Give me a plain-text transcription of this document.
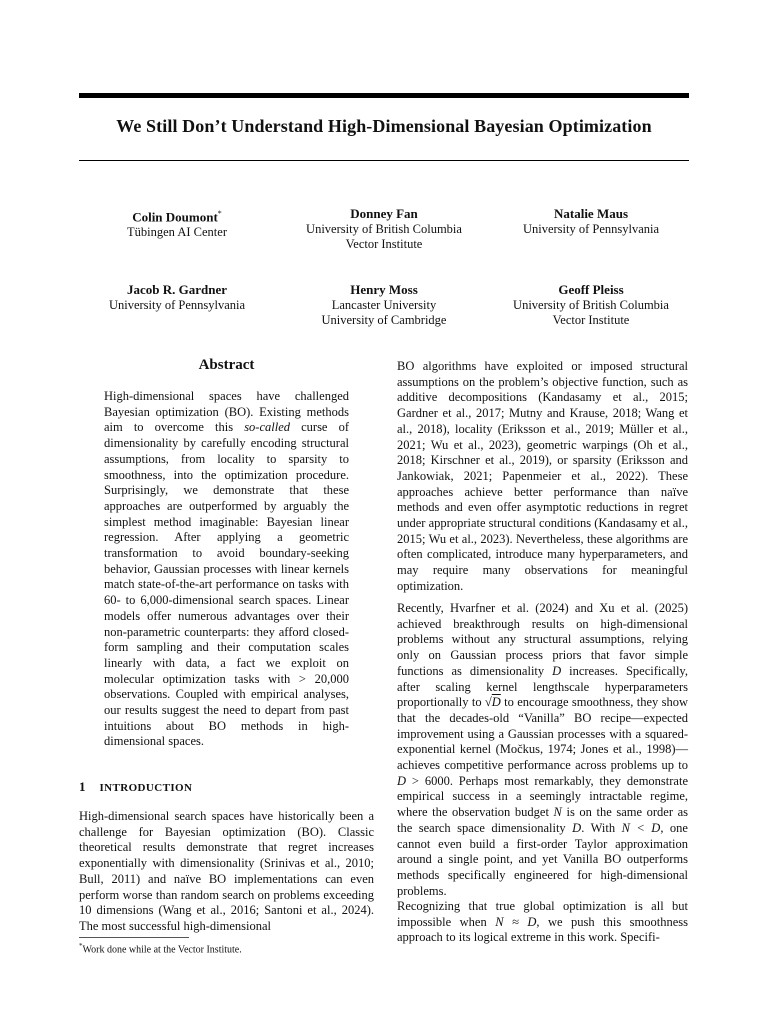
We Still Don’t Understand High-Dimensional Bayesian Optimization
Colin Doumont*
Tübingen AI Center
Donney Fan
University of British Columbia
Vector Institute
Natalie Maus
University of Pennsylvania
Jacob R. Gardner
University of Pennsylvania
Henry Moss
Lancaster University
University of Cambridge
Geoff Pleiss
University of British Columbia
Vector Institute
Abstract

High-dimensional spaces have challenged Bayesian optimization (BO). Existing methods aim to overcome this so-called curse of dimensionality by carefully encoding structural assumptions, from locality to sparsity to smoothness, into the optimization procedure. Surprisingly, we demonstrate that these approaches are outperformed by arguably the simplest method imaginable: Bayesian linear regression. After applying a geometric transformation to avoid boundary-seeking behavior, Gaussian processes with linear kernels match state-of-the-art performance on tasks with 60- to 6,000-dimensional search spaces. Linear models offer numerous advantages over their non-parametric counterparts: they afford closed-form sampling and their computation scales linearly with data, a fact we exploit on molecular optimization tasks with > 20,000 observations. Coupled with empirical analyses, our results suggest the need to depart from past intuitions about BO methods in high-dimensional spaces.

1 INTRODUCTION

High-dimensional search spaces have historically been a challenge for Bayesian optimization (BO). Classic theoretical results demonstrate that regret increases exponentially with dimensionality (Srinivas et al., 2010; Bull, 2011) and naïve BO implementations can even perform worse than random search on problems exceeding 10 dimensions (Wang et al., 2016; Santoni et al., 2024). The most successful high-dimensional

*Work done while at the Vector Institute.

BO algorithms have exploited or imposed structural assumptions on the problem’s objective function, such as additive decompositions (Kandasamy et al., 2015; Gardner et al., 2017; Mutny and Krause, 2018; Wang et al., 2018), locality (Eriksson et al., 2019; Müller et al., 2021; Wu et al., 2023), geometric warpings (Oh et al., 2018; Kirschner et al., 2019), or sparsity (Eriksson and Jankowiak, 2021; Papenmeier et al., 2022). These approaches achieve better performance than naïve methods and even offer asymptotic reductions in regret under appropriate structural conditions (Kandasamy et al., 2015; Wu et al., 2023). Nevertheless, these algorithms are often complicated, introduce many hyperparameters, and may require many observations for meaningful optimization.

Recently, Hvarfner et al. (2024) and Xu et al. (2025) achieved breakthrough results on high-dimensional problems without any structural assumptions, relying only on Gaussian process priors that favor simple functions as dimensionality D increases. Specifically, after scaling kernel lengthscale hyperparameters proportionally to √D to encourage smoothness, they show that the decades-old “Vanilla” BO recipe—expected improvement using a Gaussian processes with a squared-exponential kernel (Močkus, 1974; Jones et al., 1998)—achieves competitive performance across problems up to D > 6000. Perhaps most remarkably, they demonstrate empirical success in a seemingly intractable regime, where the observation budget N is on the same order as the search space dimensionality D. With N < D, one cannot even build a first-order Taylor approximation around a single point, and yet Vanilla BO outperforms methods specifically engineered for high-dimensional problems.

Recognizing that true global optimization is all but impossible when N ≈ D, we push this smoothness approach to its logical extreme in this work. Specifi-
